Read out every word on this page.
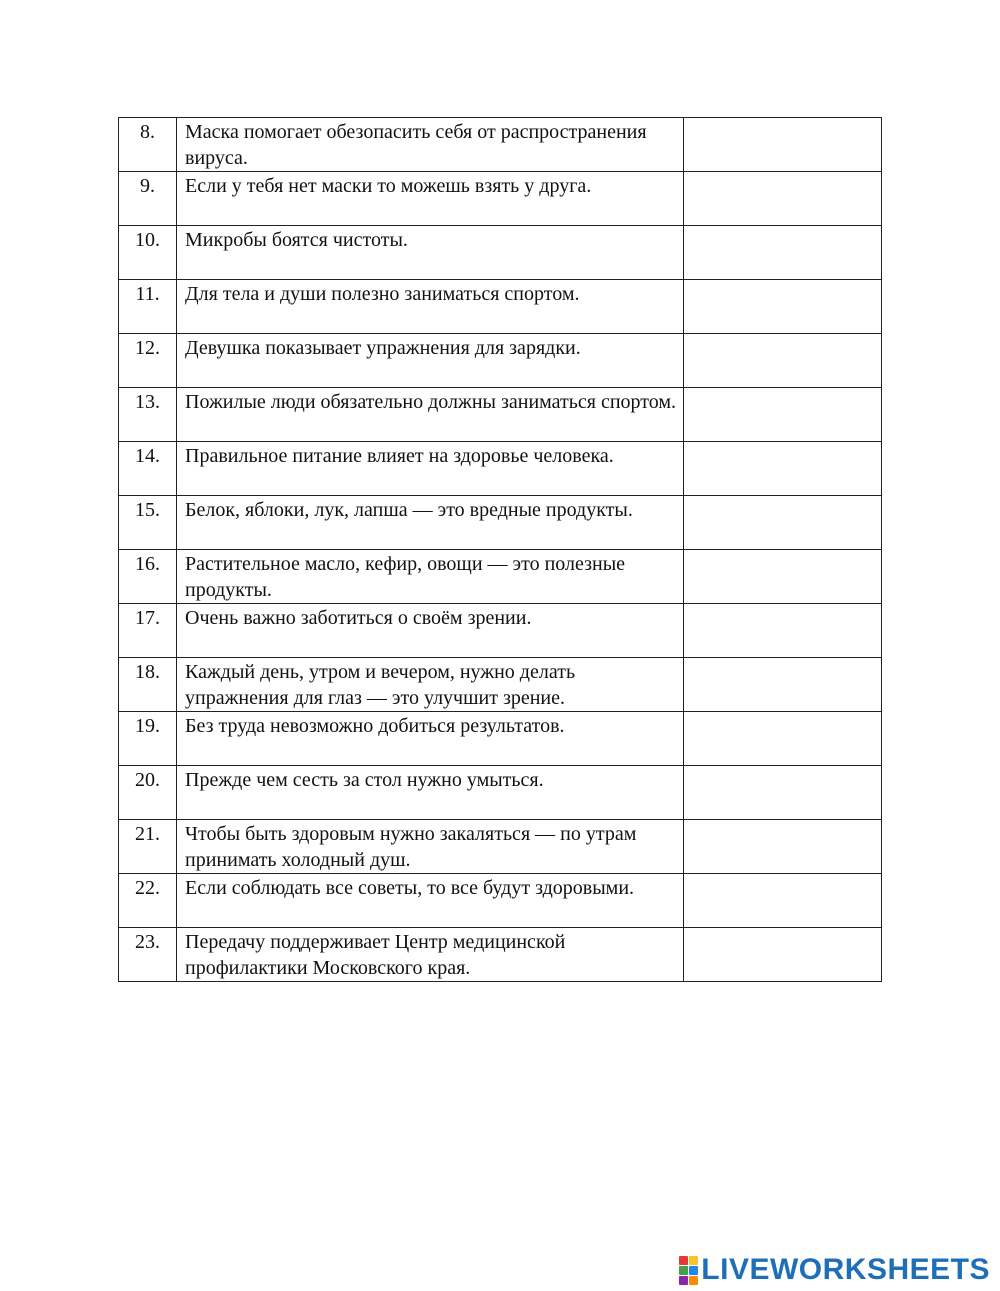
8.	Маска помогает обезопасить себя от распространения вируса.	
9.	Если у тебя нет маски то можешь взять у друга.	
10.	Микробы боятся чистоты.	
11.	Для тела и души полезно заниматься спортом.	
12.	Девушка показывает упражнения для зарядки.	
13.	Пожилые люди обязательно должны заниматься спортом.	
14.	Правильное питание влияет на здоровье человека.	
15.	Белок, яблоки, лук, лапша — это вредные продукты.	
16.	Растительное масло, кефир, овощи — это полезные продукты.	
17.	Очень важно заботиться о своём зрении.	
18.	Каждый день, утром и вечером, нужно делать упражнения для глаз — это улучшит зрение.	
19.	Без труда невозможно добиться результатов.	
20.	Прежде чем сесть за стол нужно умыться.	
21.	Чтобы быть здоровым нужно закаляться — по утрам принимать холодный душ.	
22.	Если соблюдать все советы, то все будут здоровыми.	
23.	Передачу поддерживает Центр медицинской профилактики Московского края.	
LIVEWORKSHEETS
